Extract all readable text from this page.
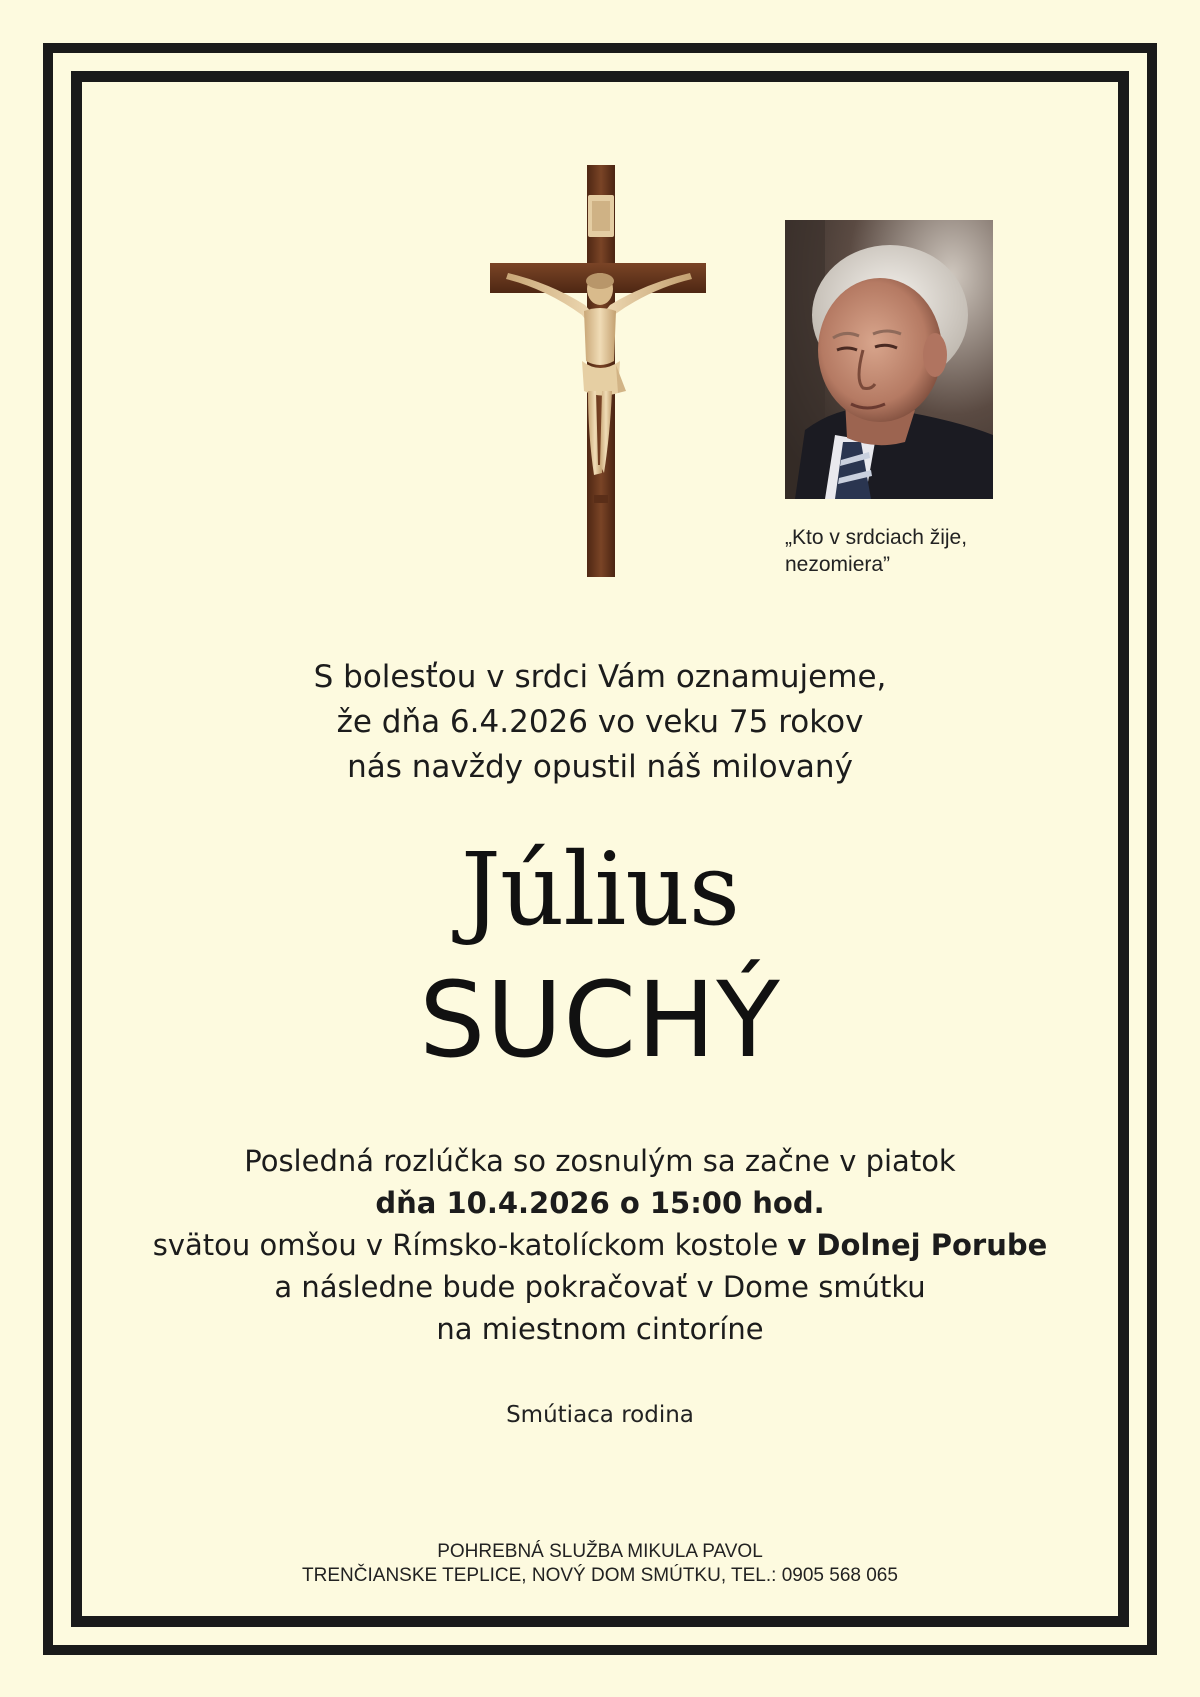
„Kto v srdciach žije,
nezomiera”
S bolesťou v srdci Vám oznamujeme,
že dňa 6.4.2026 vo veku 75 rokov
nás navždy opustil náš milovaný
Július
SUCHÝ
Posledná rozlúčka so zosnulým sa začne v piatok
dňa 10.4.2026 o 15:00 hod.
svätou omšou v Rímsko-katolíckom kostole v Dolnej Porube
a následne bude pokračovať v Dome smútku
na miestnom cintoríne
Smútiaca rodina
POHREBNÁ SLUŽBA MIKULA PAVOL
TRENČIANSKE TEPLICE, NOVÝ DOM SMÚTKU, TEL.: 0905 568 065
